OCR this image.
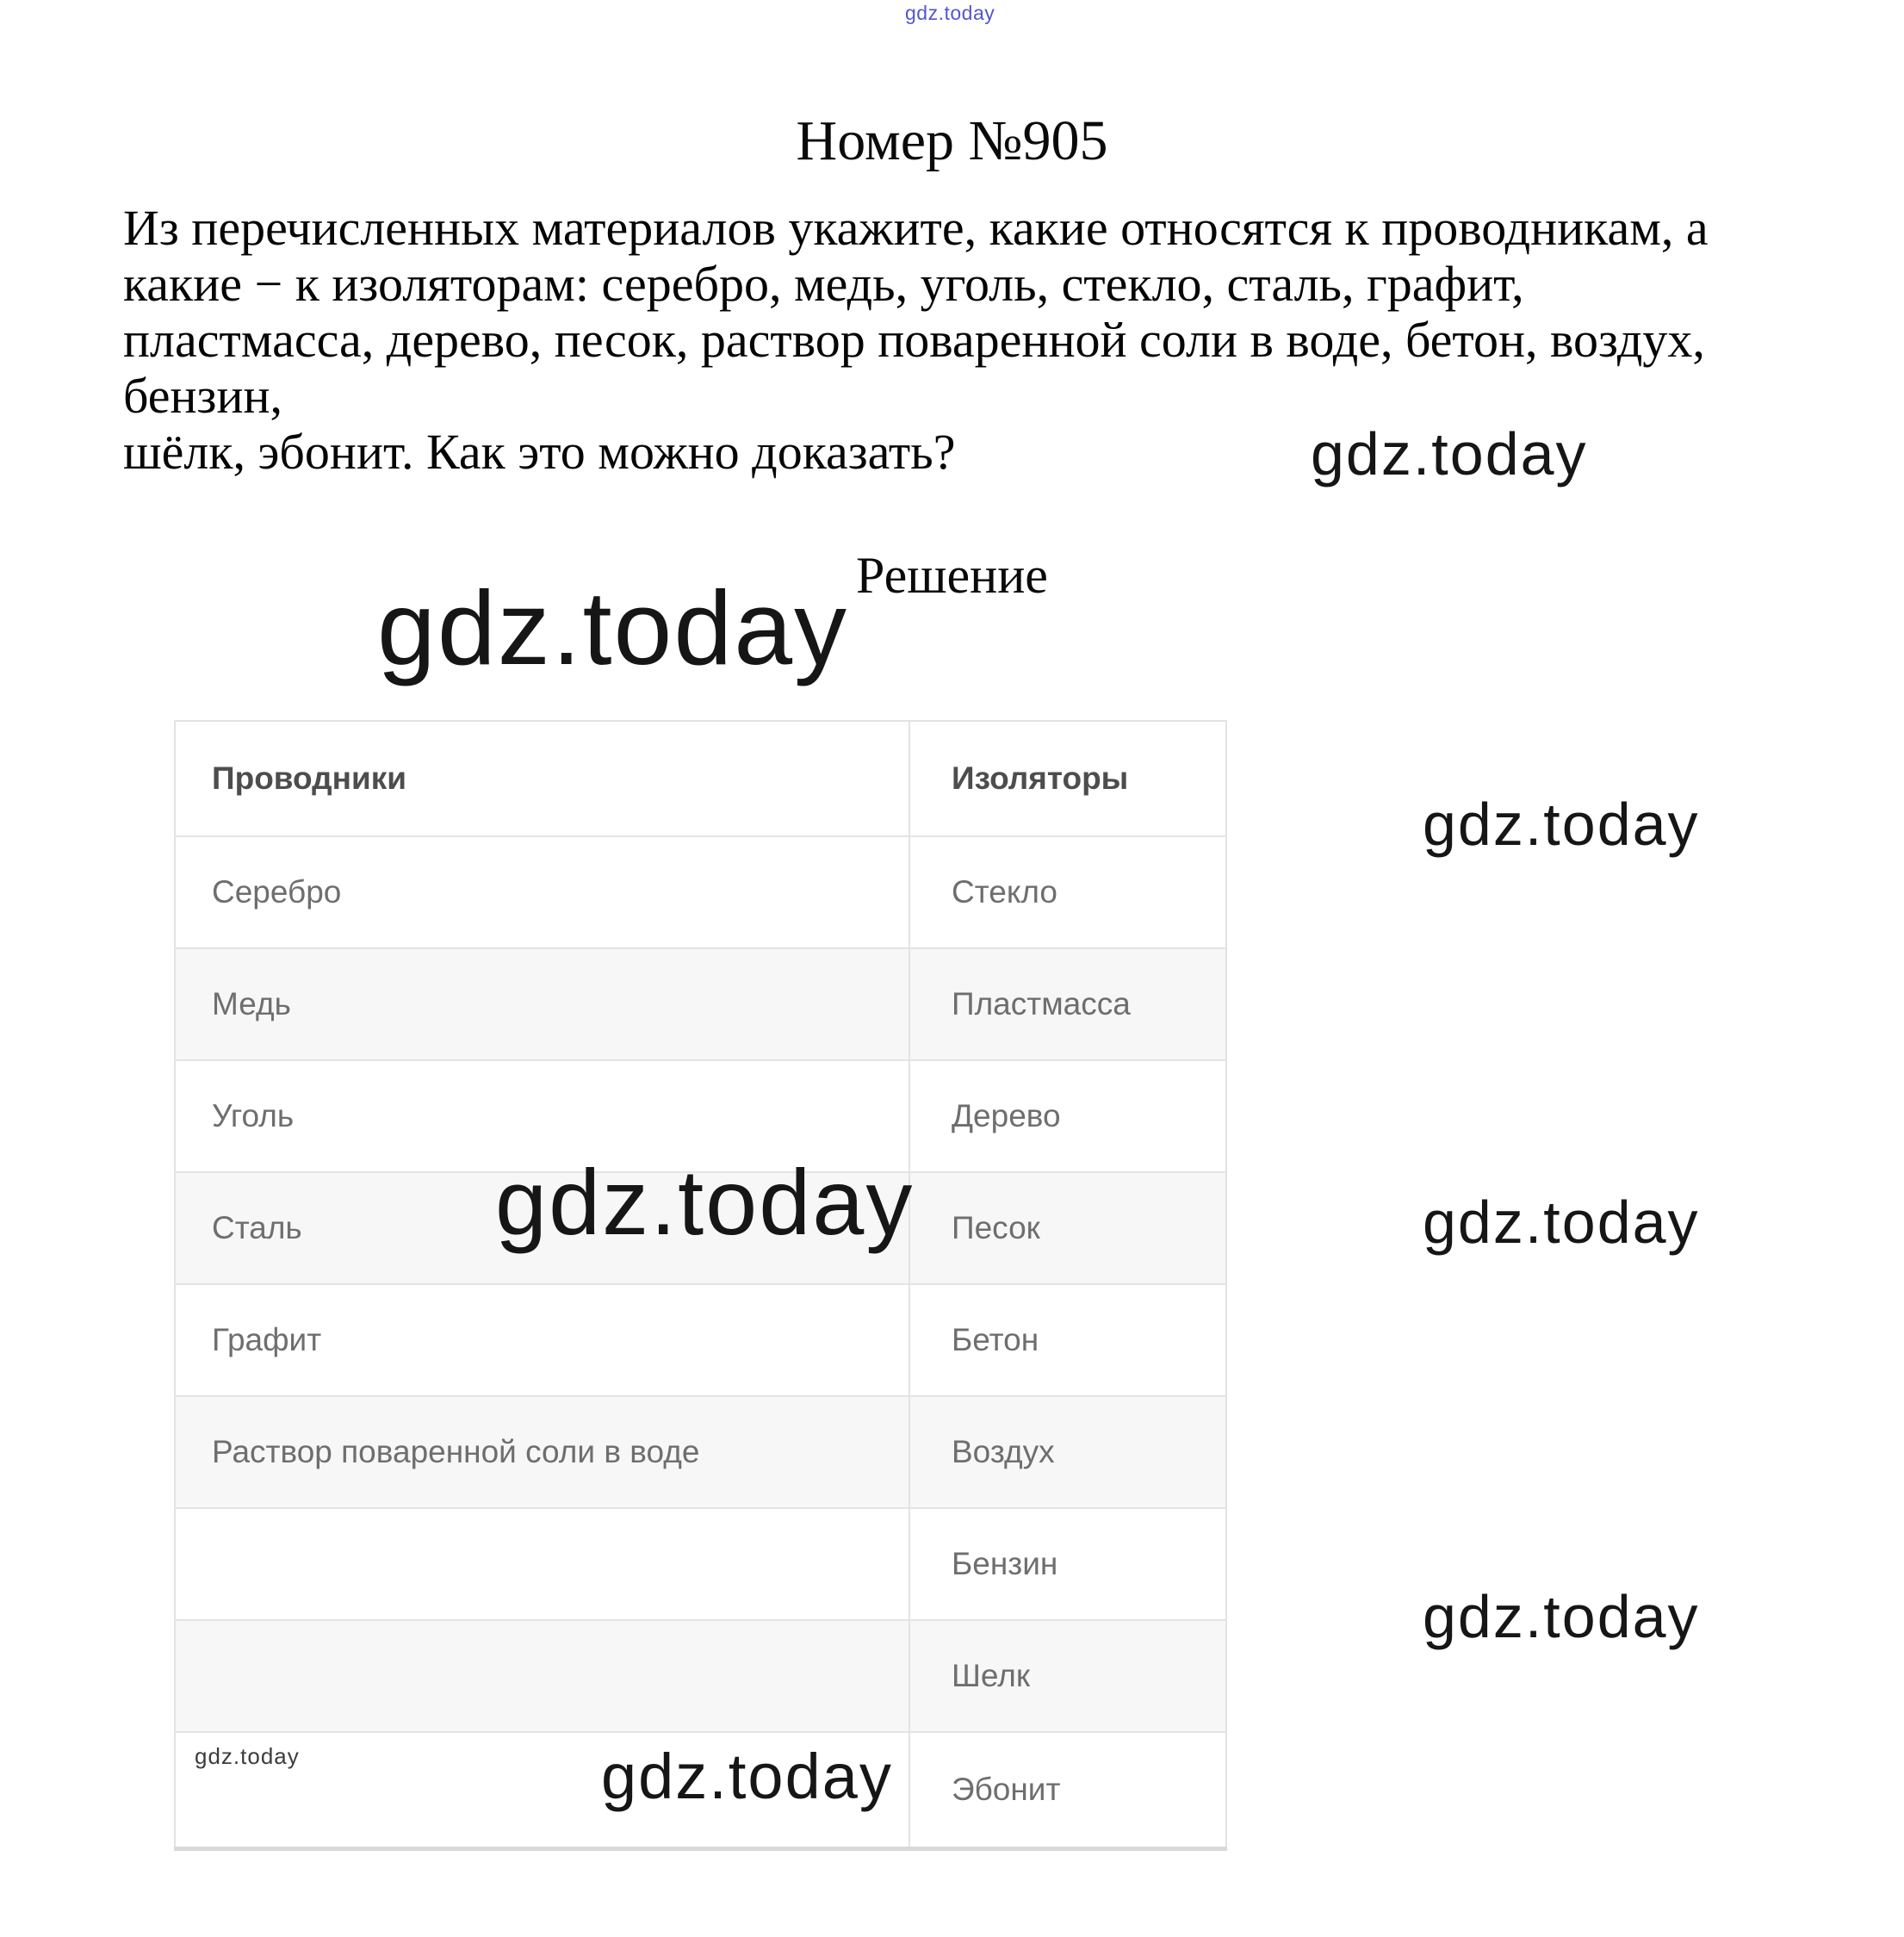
gdz.today
Номер №905
Из перечисленных материалов укажите, какие относятся к проводникам, а
какие − к изоляторам: серебро, медь, уголь, стекло, сталь, графит,
пластмасса, дерево, песок, раствор поваренной соли в воде, бетон, воздух,
бензин,
шёлк, эбонит. Как это можно доказать?	gdz.today
Решение
gdz.today
Проводники	Изоляторы
Серебро	Стекло
Медь	Пластмасса
Уголь	Дерево
Сталь	Песок
Графит	Бетон
Раствор поваренной соли в воде	Воздух
	Бензин
	Шелк
	Эбонит
gdz.today
gdz.today
gdz.today
gdz.today
gdz.today
gdz.today
